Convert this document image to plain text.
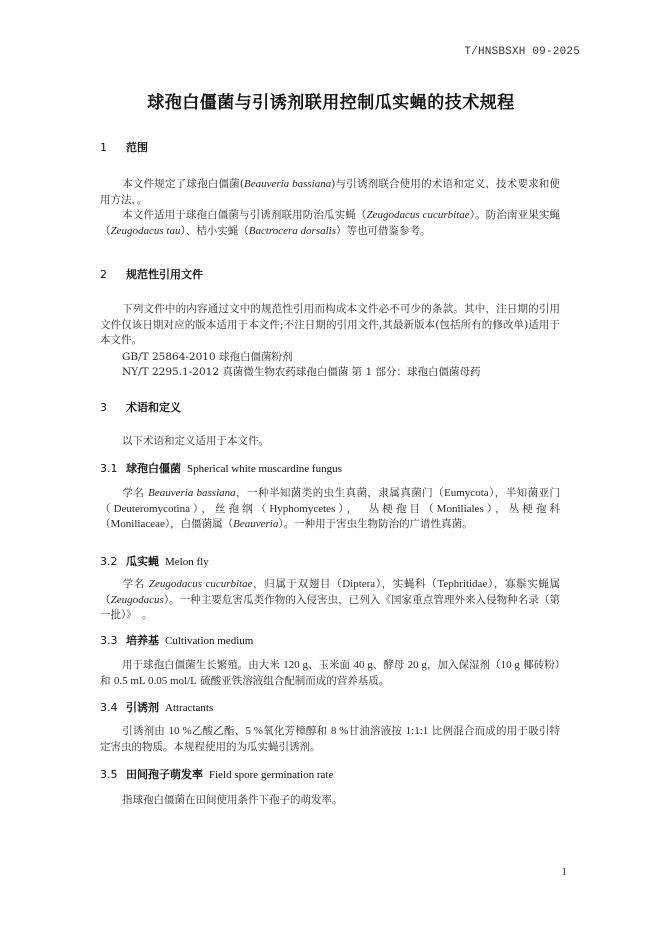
T/HNSBSXH 09-2025
球孢白僵菌与引诱剂联用控制瓜实蝇的技术规程
1 范围
本文件规定了球孢白僵菌(Beauveria bassiana)与引诱剂联合使用的术语和定义、技术要求和使用方法，。
本文件适用于球孢白僵菌与引诱剂联用防治瓜实蝇（Zeugodacus cucurbitae）。防治南亚果实蝇（Zeugodacus tau）、桔小实蝇（Bactrocera dorsalis）等也可借鉴参考。
2 规范性引用文件
下列文件中的内容通过文中的规范性引用而构成本文件必不可少的条款。其中，注日期的引用文件仅该日期对应的版本适用于本文件;不注日期的引用文件,其最新版本(包括所有的修改单)适用于本文件。
GB/T 25864-2010 球孢白僵菌粉剂
NY/T 2295.1-2012 真菌微生物农药球孢白僵菌 第 1 部分：球孢白僵菌母药
3 术语和定义
以下术语和定义适用于本文件。
3.1 球孢白僵菌 Spherical white muscardine fungus
学名 Beauveria bassiana，一种半知菌类的虫生真菌，隶属真菌门（Eumycota），半知菌亚门（Deuteromycotina），丝孢纲（Hyphomycetes），　丛梗孢目（Moniliales），丛梗孢科（Moniliaceae），白僵菌属（Beauveria）。一种用于害虫生物防治的广谱性真菌。
3.2 瓜实蝇 Melon fly
学名 Zeugodacus cucurbitae，归属于双翅目（Diptera），实蝇科（Tephritidae），寡鬃实蝇属（Zeugodacus）。一种主要危害瓜类作物的入侵害虫，已列入《国家重点管理外来入侵物种名录（第一批）》　。
3.3 培养基 Cultivation medium
用于球孢白僵菌生长繁殖。由大米 120 g、玉米面 40 g、酵母 20 g，加入保湿剂（10 g 椰砖粉）和 0.5 mL 0.05 mol/L 硫酸亚铁溶液组合配制而成的营养基质。
3.4 引诱剂 Attractants
引诱剂由 10 %乙酸乙酯、5 %氧化芳樟醇和 8 %甘油溶液按 1:1:1 比例混合而成的用于吸引特定害虫的物质。本规程使用的为瓜实蝇引诱剂。
3.5 田间孢子萌发率 Field spore germination rate
指球孢白僵菌在田间使用条件下孢子的萌发率。
1
